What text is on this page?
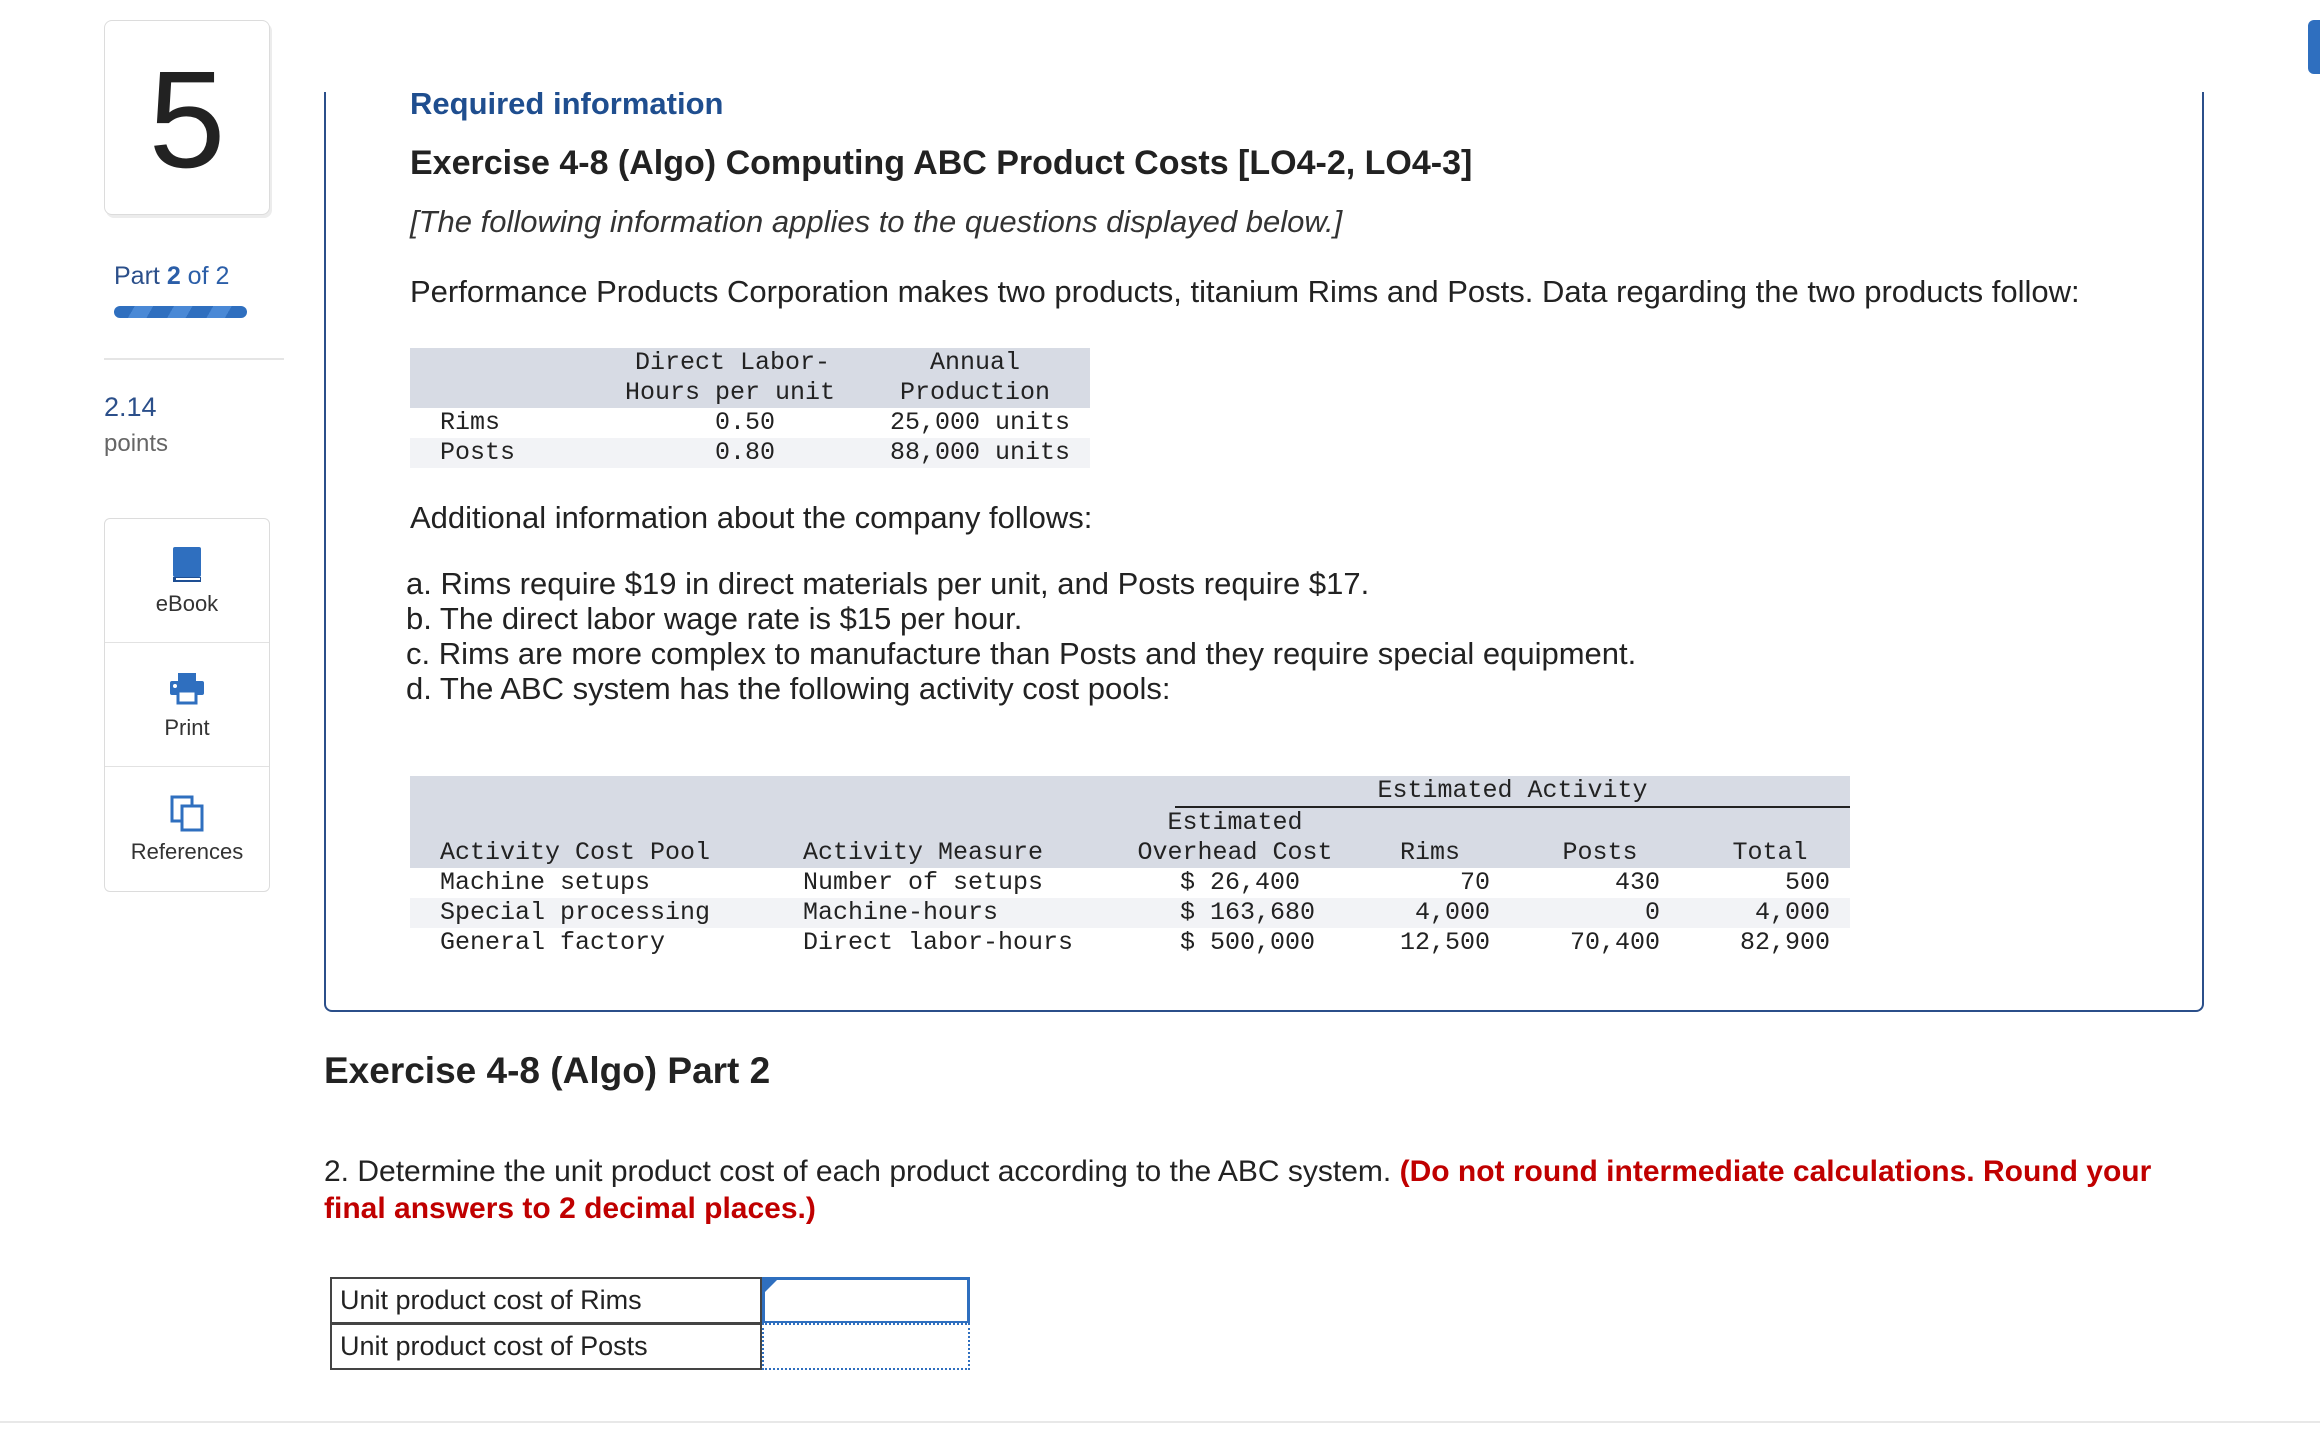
5
Part 2 of 2
2.14
points
eBook
Print
References
Required information
Exercise 4-8 (Algo) Computing ABC Product Costs [LO4-2, LO4-3]
[The following information applies to the questions displayed below.]
Performance Products Corporation makes two products, titanium Rims and Posts. Data regarding the two products follow:
Direct Labor-
Hours per unit
Annual
Production
Rims	0.50	25,000 units
Posts	0.80	88,000 units
Additional information about the company follows:
a. Rims require $19 in direct materials per unit, and Posts require $17.
b. The direct labor wage rate is $15 per hour.
c. Rims are more complex to manufacture than Posts and they require special equipment.
d. The ABC system has the following activity cost pools:
Estimated Activity
Estimated
Activity Cost Pool	Activity Measure	Overhead Cost	Rims	Posts	Total
Machine setups	Number of setups	$ 26,400	70	430	500
Special processing	Machine-hours	$ 163,680	4,000	0	4,000
General factory	Direct labor-hours	$ 500,000	12,500	70,400	82,900
Exercise 4-8 (Algo) Part 2
2. Determine the unit product cost of each product according to the ABC system. (Do not round intermediate calculations. Round your final answers to 2 decimal places.)
Unit product cost of Rims
Unit product cost of Posts
